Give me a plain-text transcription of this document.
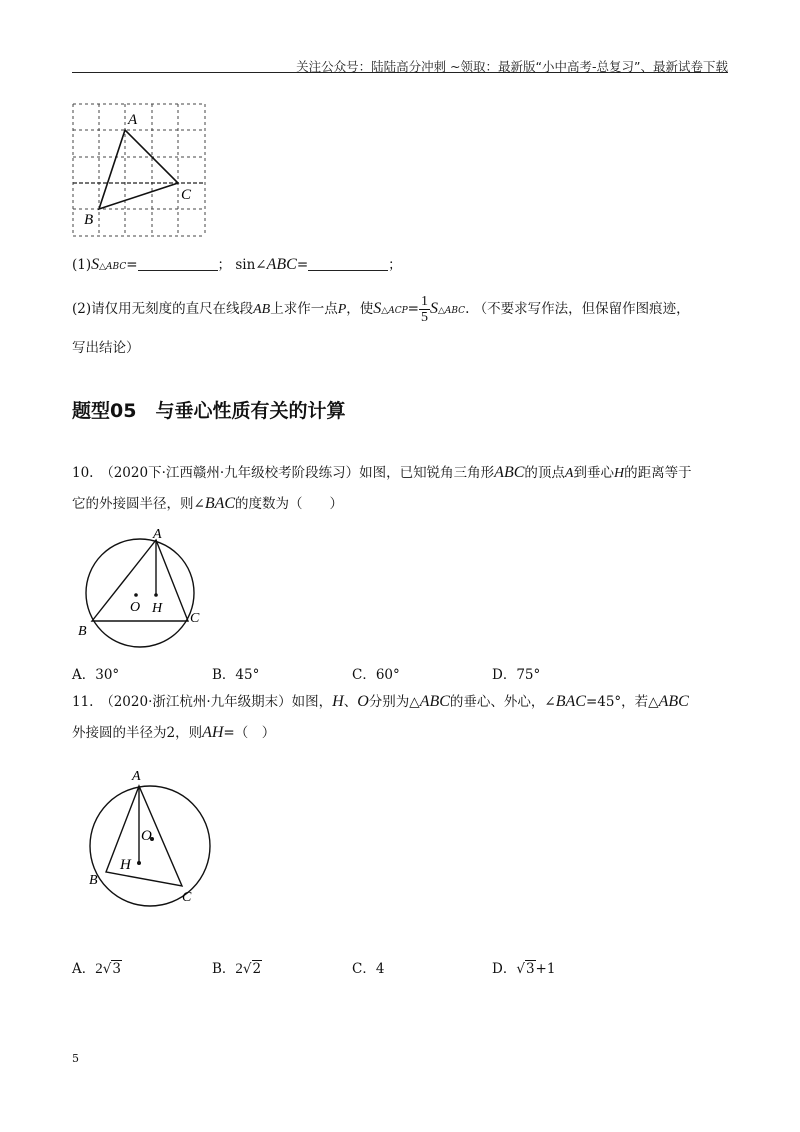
关注公众号：陆陆高分冲刺 ~领取：最新版“小中高考-总复习”、最新试卷下载
A
C
B
(1)S△ABC=	； sin∠ABC=	；
(2)请仅用无刻度的直尺在线段AB上求作一点P，使S△ACP= $\frac{1}{5}$ S△ABC. （不要求写作法，但保留作图痕迹，
写出结论）
题型05　与垂心性质有关的计算
10.　（2020下·江西赣州·九年级校考阶段练习）如图，已知锐角三角形ABC的顶点A到垂心H的距离等于
它的外接圆半径，则∠BAC的度数为（　　）
A
B
C
O H
A．30°	B．45°	C．60°	D．75°
11.　（2020·浙江杭州·九年级期末）如图，H、O分别为△ABC的垂心、外心，∠BAC=45°，若△ABC
外接圆的半径为2，则AH=（　）
A
B
C
O
H
A．2√3	B．2√2	C．4	D．√3+1
5
